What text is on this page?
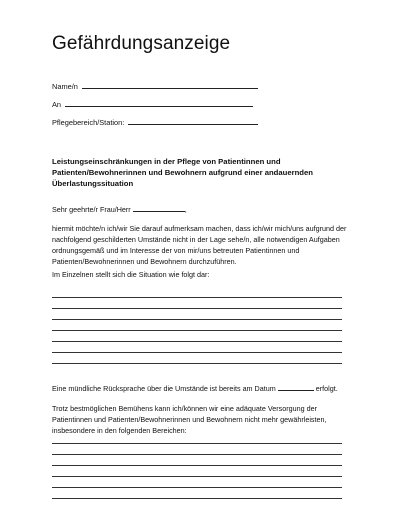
Gefährdungsanzeige
Name/n
An
Pflegebereich/Station:
Leistungseinschränkungen in der Pflege von Patientinnen und Patienten/Bewohnerinnen und Bewohnern aufgrund einer andauernden Überlastungssituation
Sehr geehrte/r Frau/Herr	,
hiermit möchte/n ich/wir Sie darauf aufmerksam machen, dass ich/wir mich/uns aufgrund der nachfolgend geschilderten Umstände nicht in der Lage sehe/n, alle notwendigen Aufgaben ordnungsgemäß und im Interesse der von mir/uns betreuten Patientinnen und Patienten/Bewohnerinnen und Bewohnern durchzuführen.
Im Einzelnen stellt sich die Situation wie folgt dar:
Eine mündliche Rücksprache über die Umstände ist bereits am Datum	erfolgt.
Trotz bestmöglichen Bemühens kann ich/können wir eine adäquate Versorgung der Patientinnen und Patienten/Bewohnerinnen und Bewohnern nicht mehr gewährleisten, insbesondere in den folgenden Bereichen:
